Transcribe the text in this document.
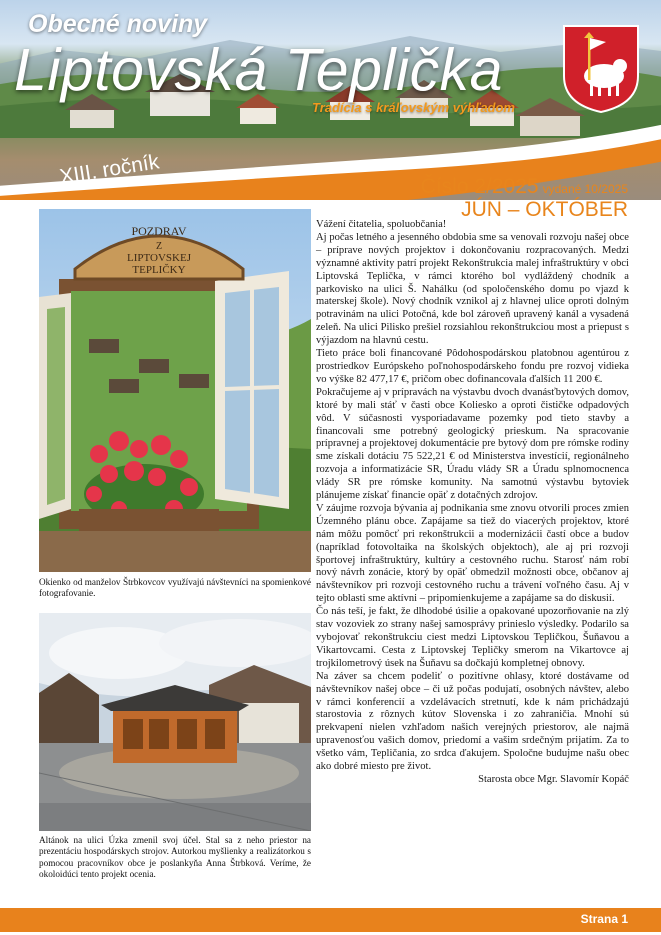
Obecné noviny
Liptovská Teplička
Tradícia s kráľovským výhľadom
XIII. ročník	Číslo 2/2025 vydané 10/2025
JÚN – OKTÓBER
POZDRAV
Z
LIPTOVSKEJ
TEPLIČKY
Okienko od manželov Štrbkovcov využívajú návštevníci na spomienkové fotografovanie.
Altánok na ulici Úzka zmenil svoj účel. Stal sa z neho priestor na prezentáciu hospodárskych strojov. Autorkou myšlienky a realizátorkou s pomocou pracovníkov obce je poslankyňa Anna Štrbková. Veríme, že okoloidúci tento projekt ocenia.

Vážení čitatelia, spoluobčania!

Aj počas letného a jesenného obdobia sme sa venovali rozvoju našej obce – príprave nových projektov i dokončovaniu rozpracovaných. Medzi významné aktivity patrí projekt Rekonštrukcia malej infraštruktúry v obci Liptovská Teplička, v rámci ktorého bol vydláždený chodník a parkovisko na ulici Š. Nahálku (od spoločenského domu po vjazd k materskej škole). Nový chodník vznikol aj z hlavnej ulice oproti dolným potravinám na ulici Potočná, kde bol zároveň upravený kanál a vysadená zeleň. Na ulici Pilisko prešiel rozsiahlou rekonštrukciou most a priepust s výjazdom na hlavnú cestu.

Tieto práce boli financované Pôdohospodárskou platobnou agentúrou z prostriedkov Európskeho poľnohospodárskeho fondu pre rozvoj vidieka vo výške 82 477,17 €, pričom obec dofinancovala ďalších 11 200 €.

Pokračujeme aj v prípravách na výstavbu dvoch dvanásťbytových domov, ktoré by mali stáť v časti obce Koliesko a oproti čističke odpadových vôd. V súčasnosti vysporiadavame pozemky pod tieto stavby a financovali sme potrebný geologický prieskum. Na spracovanie prípravnej a projektovej dokumentácie pre bytový dom pre rómske rodiny sme získali dotáciu 75 522,21 € od Ministerstva investícií, regionálneho rozvoja a informatizácie SR, Úradu vlády SR a Úradu splnomocnenca vlády SR pre rómske komunity. Na samotnú výstavbu bytoviek plánujeme získať financie opäť z dotačných zdrojov.

V záujme rozvoja bývania aj podnikania sme znovu otvorili proces zmien Územného plánu obce. Zapájame sa tiež do viacerých projektov, ktoré nám môžu pomôcť pri rekonštrukcii a modernizácii častí obce a budov (napríklad fotovoltaika na školských objektoch), ale aj pri rozvoji športovej infraštruktúry, kultúry a cestovného ruchu. Starosť nám robí nový návrh zonácie, ktorý by opäť obmedzil možnosti obce, občanov aj návštevníkov pri rozvoji cestovného ruchu a trávení voľného času. Aj v tejto oblasti sme aktívni – pripomienkujeme a zapájame sa do diskusií.

Čo nás teší, je fakt, že dlhodobé úsilie a opakované upozorňovanie na zlý stav vozoviek zo strany našej samosprávy prinieslo výsledky. Podarilo sa vybojovať rekonštrukciu ciest medzi Liptovskou Tepličkou, Šuňavou a Vikartovcami. Cesta z Liptovskej Tepličky smerom na Vikartovce aj trojkilometrový úsek na Šuňavu sa dočkajú kompletnej obnovy.

Na záver sa chcem podeliť o pozitívne ohlasy, ktoré dostávame od návštevníkov našej obce – či už počas podujatí, osobných návštev, alebo v rámci konferencií a vzdelávacích stretnutí, kde k nám prichádzajú starostovia z rôznych kútov Slovenska i zo zahraničia. Mnohí sú prekvapení nielen vzhľadom našich verejných priestorov, ale najmä upravenosťou vašich domov, priedomí a vašim srdečným prijatím. Za to všetko vám, Tepličania, zo srdca ďakujem. Spoločne budujme našu obec ako dobré miesto pre život.

Starosta obce Mgr. Slavomír Kopáč

Strana 1
